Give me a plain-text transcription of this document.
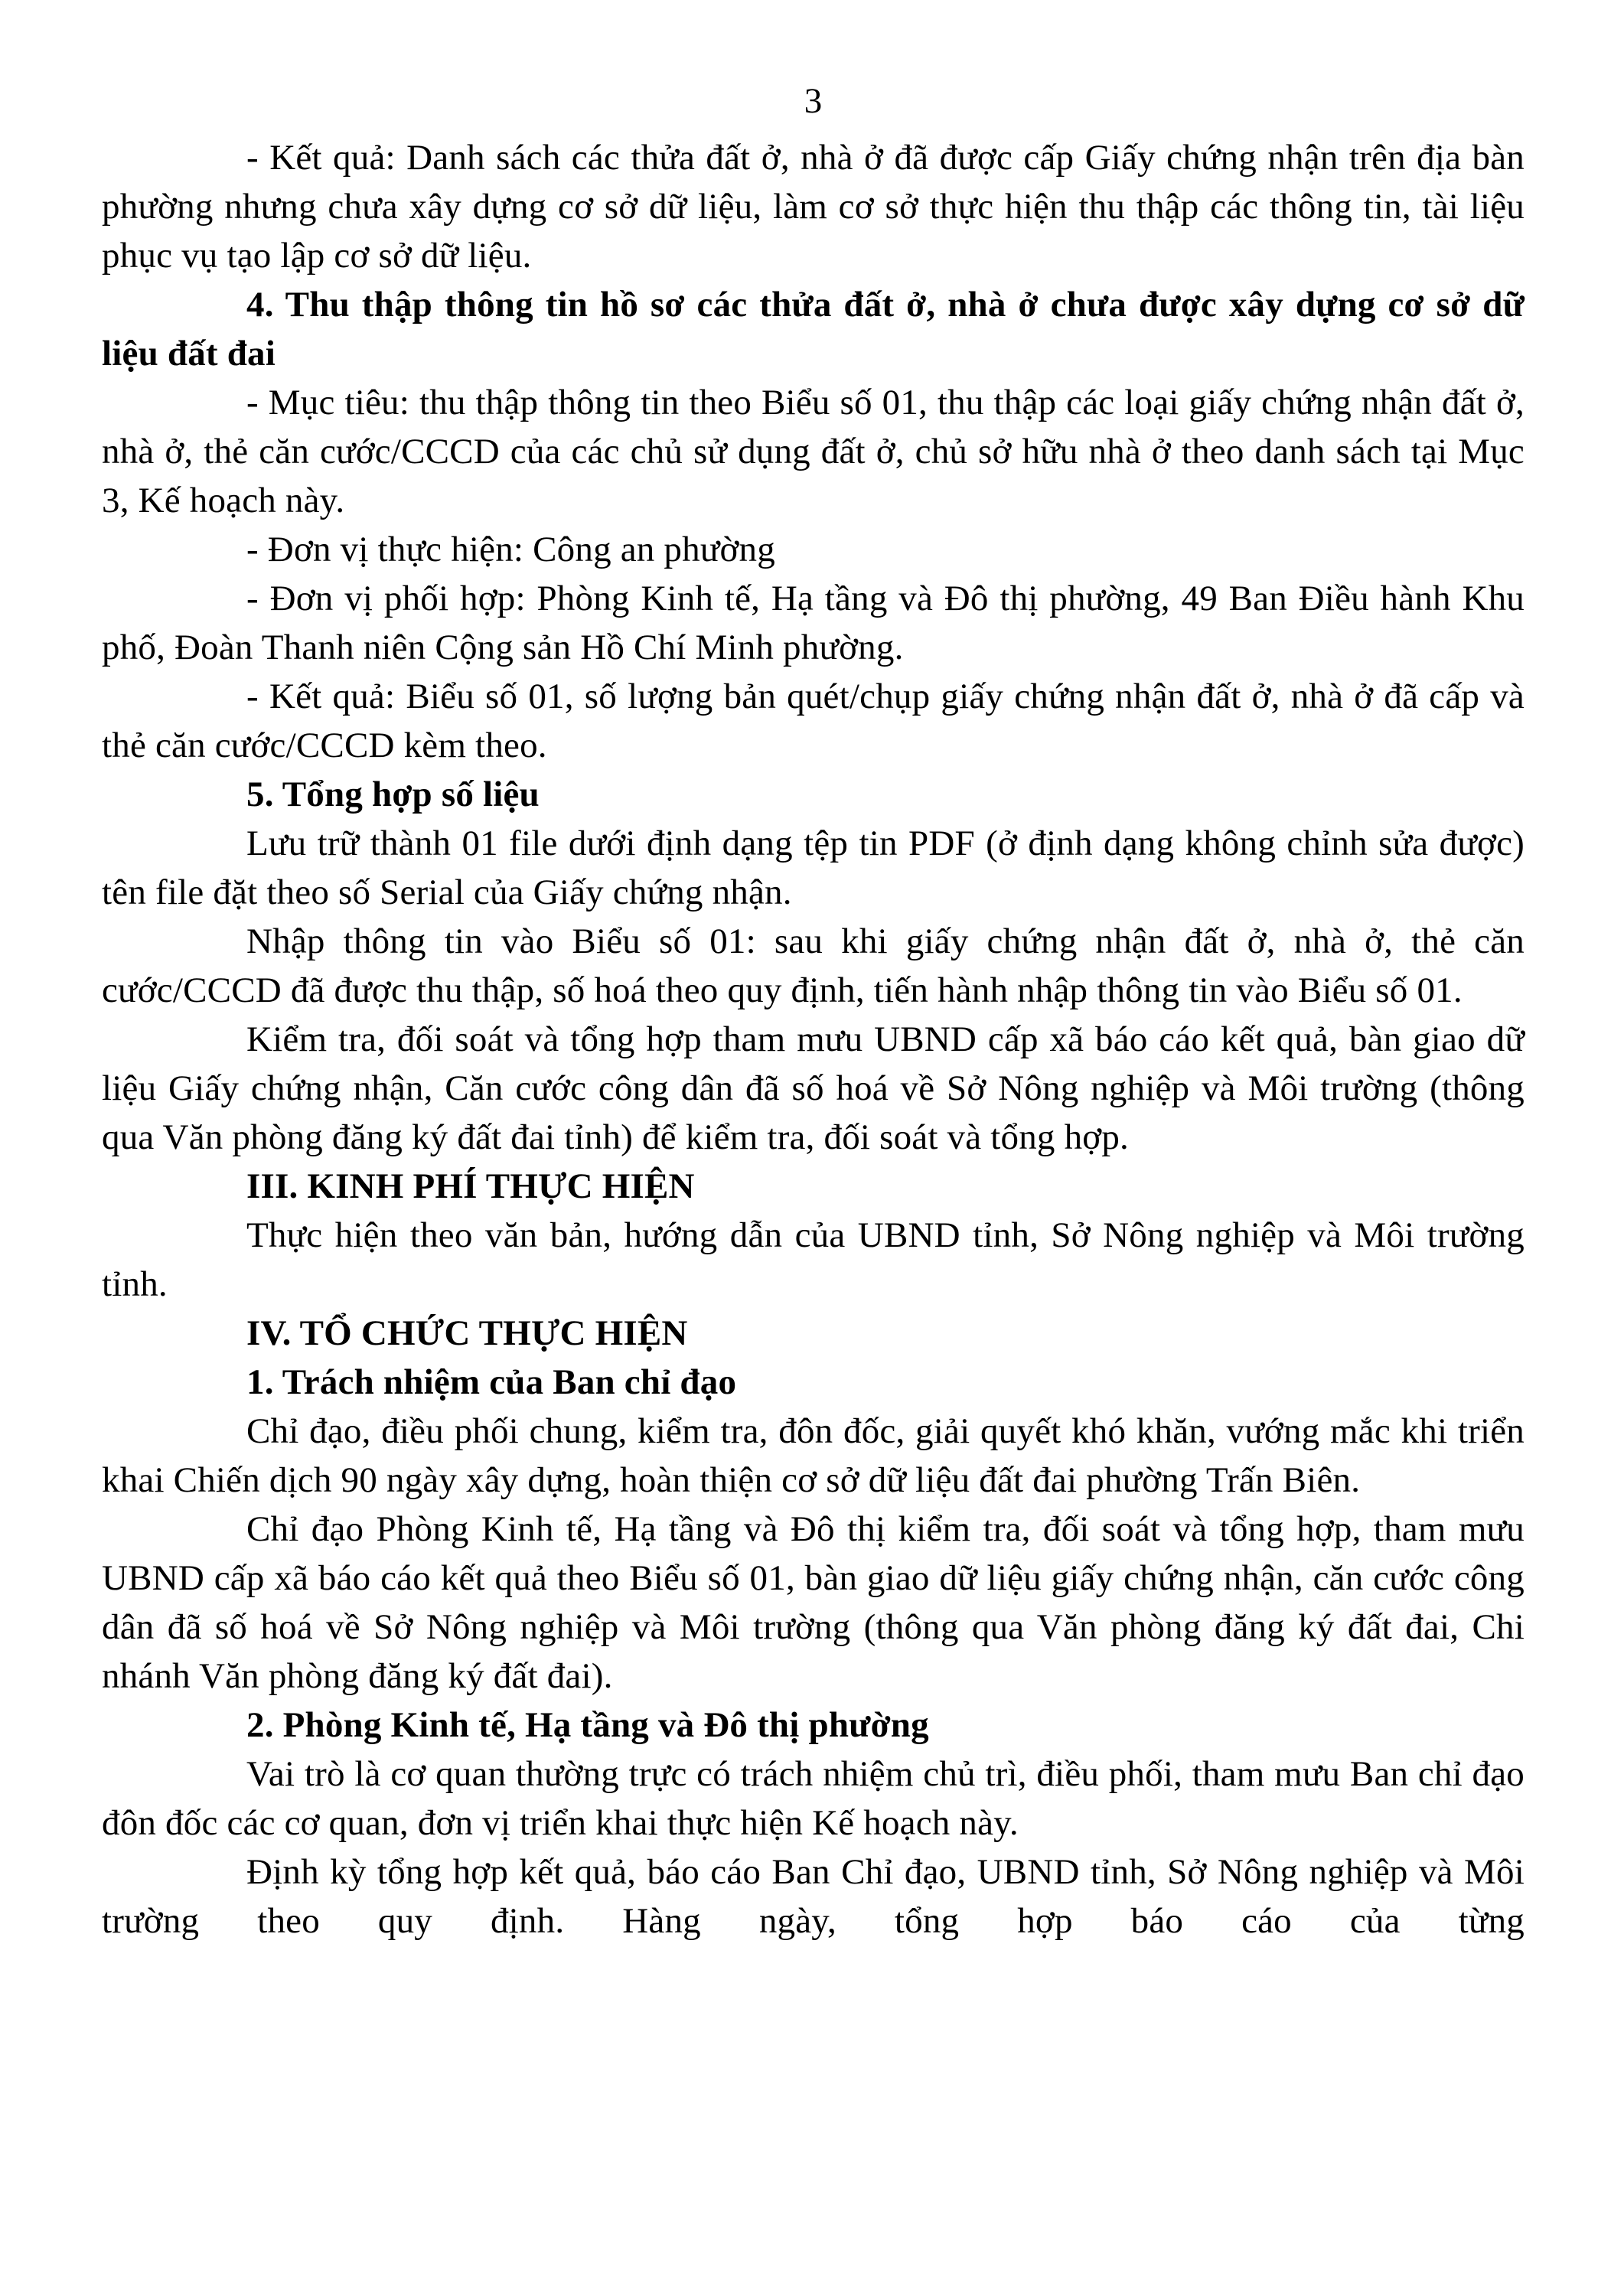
3

- Kết quả: Danh sách các thửa đất ở, nhà ở đã được cấp Giấy chứng nhận trên địa bàn phường nhưng chưa xây dựng cơ sở dữ liệu, làm cơ sở thực hiện thu thập các thông tin, tài liệu phục vụ tạo lập cơ sở dữ liệu.

4. Thu thập thông tin hồ sơ các thửa đất ở, nhà ở chưa được xây dựng cơ sở dữ liệu đất đai

- Mục tiêu: thu thập thông tin theo Biểu số 01, thu thập các loại giấy chứng nhận đất ở, nhà ở, thẻ căn cước/CCCD của các chủ sử dụng đất ở, chủ sở hữu nhà ở theo danh sách tại Mục 3, Kế hoạch này.

- Đơn vị thực hiện: Công an phường

- Đơn vị phối hợp: Phòng Kinh tế, Hạ tầng và Đô thị phường, 49 Ban Điều hành Khu phố, Đoàn Thanh niên Cộng sản Hồ Chí Minh phường.

- Kết quả: Biểu số 01, số lượng bản quét/chụp giấy chứng nhận đất ở, nhà ở đã cấp và thẻ căn cước/CCCD kèm theo.

5. Tổng hợp số liệu

Lưu trữ thành 01 file dưới định dạng tệp tin PDF (ở định dạng không chỉnh sửa được) tên file đặt theo số Serial của Giấy chứng nhận.

Nhập thông tin vào Biểu số 01: sau khi giấy chứng nhận đất ở, nhà ở, thẻ căn cước/CCCD đã được thu thập, số hoá theo quy định, tiến hành nhập thông tin vào Biểu số 01.

Kiểm tra, đối soát và tổng hợp tham mưu UBND cấp xã báo cáo kết quả, bàn giao dữ liệu Giấy chứng nhận, Căn cước công dân đã số hoá về Sở Nông nghiệp và Môi trường (thông qua Văn phòng đăng ký đất đai tỉnh) để kiểm tra, đối soát và tổng hợp.

III. KINH PHÍ THỰC HIỆN

Thực hiện theo văn bản, hướng dẫn của UBND tỉnh, Sở Nông nghiệp và Môi trường tỉnh.

IV. TỔ CHỨC THỰC HIỆN

1. Trách nhiệm của Ban chỉ đạo

Chỉ đạo, điều phối chung, kiểm tra, đôn đốc, giải quyết khó khăn, vướng mắc khi triển khai Chiến dịch 90 ngày xây dựng, hoàn thiện cơ sở dữ liệu đất đai phường Trấn Biên.

Chỉ đạo Phòng Kinh tế, Hạ tầng và Đô thị kiểm tra, đối soát và tổng hợp, tham mưu UBND cấp xã báo cáo kết quả theo Biểu số 01, bàn giao dữ liệu giấy chứng nhận, căn cước công dân đã số hoá về Sở Nông nghiệp và Môi trường (thông qua Văn phòng đăng ký đất đai, Chi nhánh Văn phòng đăng ký đất đai).

2. Phòng Kinh tế, Hạ tầng và Đô thị phường

Vai trò là cơ quan thường trực có trách nhiệm chủ trì, điều phối, tham mưu Ban chỉ đạo đôn đốc các cơ quan, đơn vị triển khai thực hiện Kế hoạch này.

Định kỳ tổng hợp kết quả, báo cáo Ban Chỉ đạo, UBND tỉnh, Sở Nông nghiệp và Môi trường theo quy định. Hàng ngày, tổng hợp báo cáo của từng
